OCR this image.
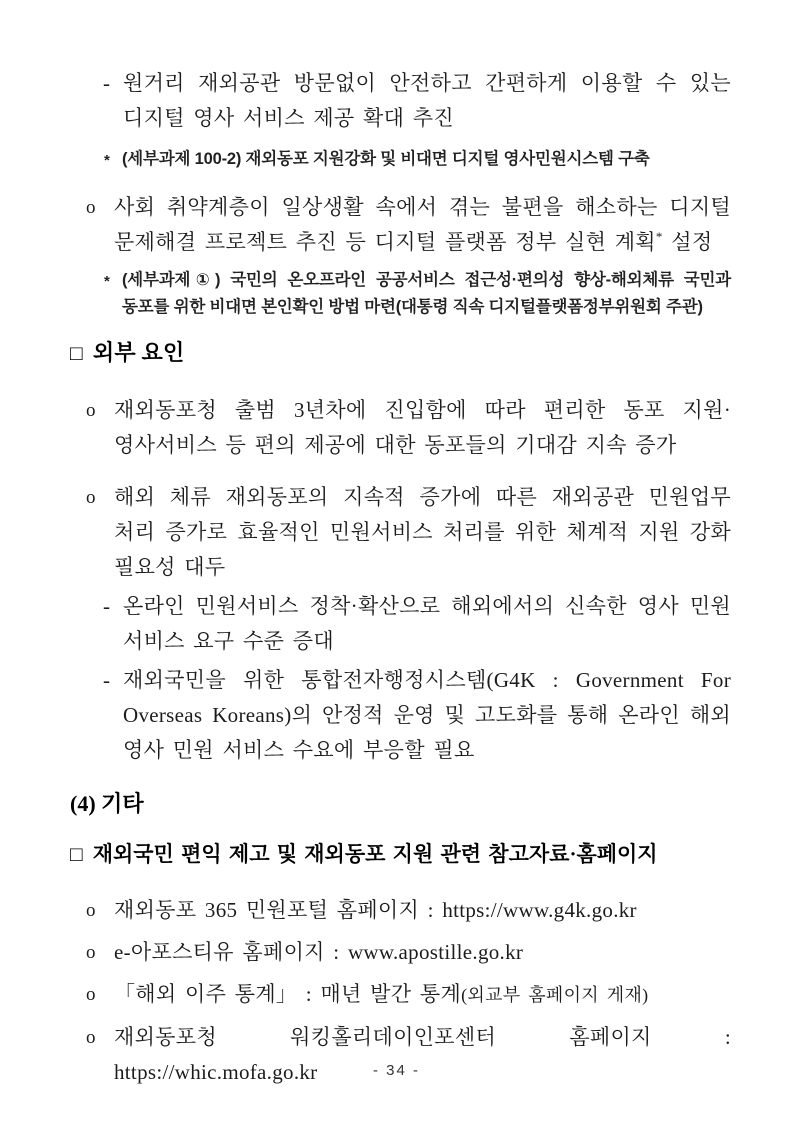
- 원거리 재외공관 방문없이 안전하고 간편하게 이용할 수 있는 디지털 영사 서비스 제공 확대 추진
* (세부과제 100-2) 재외동포 지원강화 및 비대면 디지털 영사민원시스템 구축
o 사회 취약계층이 일상생활 속에서 겪는 불편을 해소하는 디지털 문제해결 프로젝트 추진 등 디지털 플랫폼 정부 실현 계획* 설정
* (세부과제①) 국민의 온오프라인 공공서비스 접근성·편의성 향상-해외체류 국민과 동포를 위한 비대면 본인확인 방법 마련(대통령 직속 디지털플랫폼정부위원회 주관)
□ 외부 요인
o 재외동포청 출범 3년차에 진입함에 따라 편리한 동포 지원·영사서비스 등 편의 제공에 대한 동포들의 기대감 지속 증가
o 해외 체류 재외동포의 지속적 증가에 따른 재외공관 민원업무 처리 증가로 효율적인 민원서비스 처리를 위한 체계적 지원 강화 필요성 대두
- 온라인 민원서비스 정착·확산으로 해외에서의 신속한 영사 민원 서비스 요구 수준 증대
- 재외국민을 위한 통합전자행정시스템(G4K : Government For Overseas Koreans)의 안정적 운영 및 고도화를 통해 온라인 해외 영사 민원 서비스 수요에 부응할 필요
(4) 기타
□ 재외국민 편익 제고 및 재외동포 지원 관련 참고자료·홈페이지
o 재외동포 365 민원포털 홈페이지 : https://www.g4k.go.kr
o e-아포스티유 홈페이지 : www.apostille.go.kr
o 「해외 이주 통계」 : 매년 발간 통계(외교부 홈페이지 게재)
o 재외동포청 워킹홀리데이인포센터 홈페이지 : https://whic.mofa.go.kr	- 34 -
